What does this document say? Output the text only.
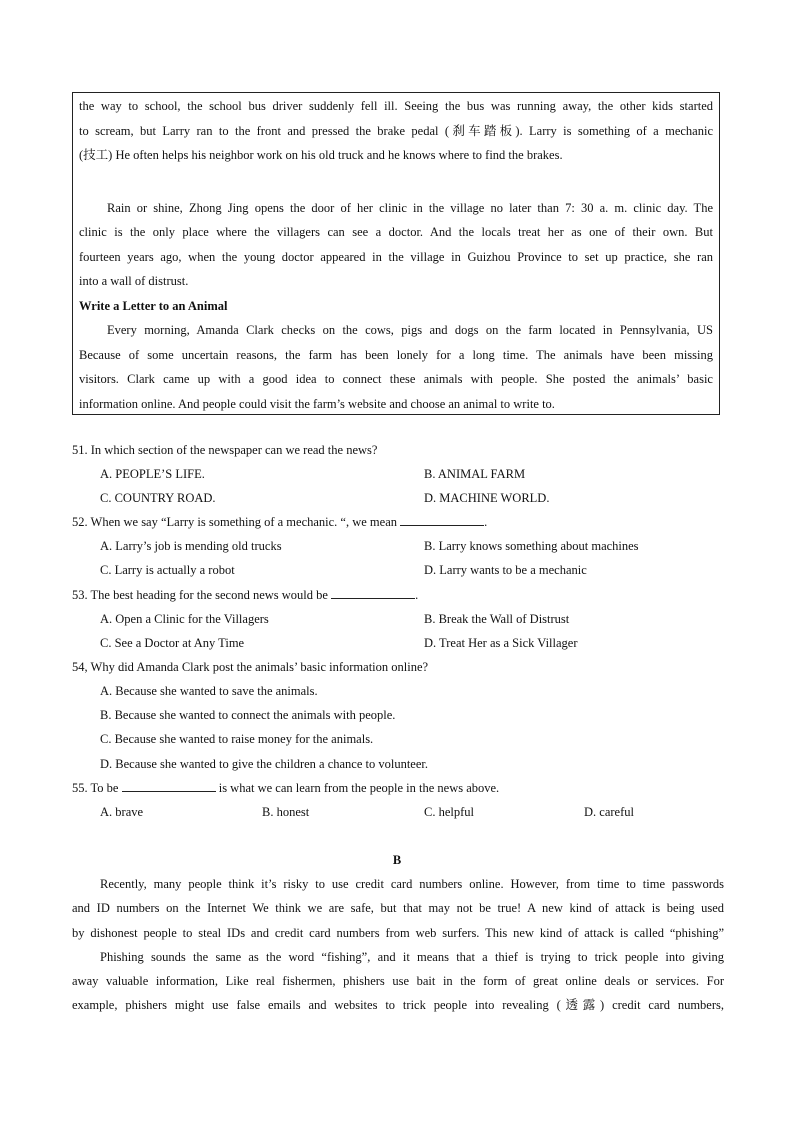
the way to school, the school bus driver suddenly fell ill. Seeing the bus was running away, the other kids started
to scream, but Larry ran to the front and pressed the brake pedal (刹车踏板). Larry is something of a mechanic
(技工) He often helps his neighbor work on his old truck and he knows where to find the brakes.
Rain or shine, Zhong Jing opens the door of her clinic in the village no later than 7: 30 a. m. clinic day. The
clinic is the only place where the villagers can see a doctor. And the locals treat her as one of their own. But
fourteen years ago, when the young doctor appeared in the village in Guizhou Province to set up practice, she ran
into a wall of distrust.
Write a Letter to an Animal
Every morning, Amanda Clark checks on the cows, pigs and dogs on the farm located in Pennsylvania, US
Because of some uncertain reasons, the farm has been lonely for a long time. The animals have been missing
visitors. Clark came up with a good idea to connect these animals with people. She posted the animals’ basic
information online. And people could visit the farm’s website and choose an animal to write to.
51. In which section of the newspaper can we read the news?
A. PEOPLE’S LIFE.	B. ANIMAL FARM
C. COUNTRY ROAD.	D. MACHINE WORLD.
52. When we say “Larry is something of a mechanic. “, we mean	.
A. Larry’s job is mending old trucks	B. Larry knows something about machines
C. Larry is actually a robot	D. Larry wants to be a mechanic
53. The best heading for the second news would be	.
A. Open a Clinic for the Villagers	B. Break the Wall of Distrust
C. See a Doctor at Any Time	D. Treat Her as a Sick Villager
54, Why did Amanda Clark post the animals’ basic information online?
A. Because she wanted to save the animals.
B. Because she wanted to connect the animals with people.
C. Because she wanted to raise money for the animals.
D. Because she wanted to give the children a chance to volunteer.
55. To be	is what we can learn from the people in the news above.
A. brave	B. honest	C. helpful	D. careful
B
Recently, many people think it’s risky to use credit card numbers online. However, from time to time passwords
and ID numbers on the Internet We think we are safe, but that may not be true! A new kind of attack is being used
by dishonest people to steal IDs and credit card numbers from web surfers. This new kind of attack is called “phishing”
Phishing sounds the same as the word “fishing”, and it means that a thief is trying to trick people into giving
away valuable information, Like real fishermen, phishers use bait in the form of great online deals or services. For
example, phishers might use false emails and websites to trick people into revealing (透露) credit card numbers,
